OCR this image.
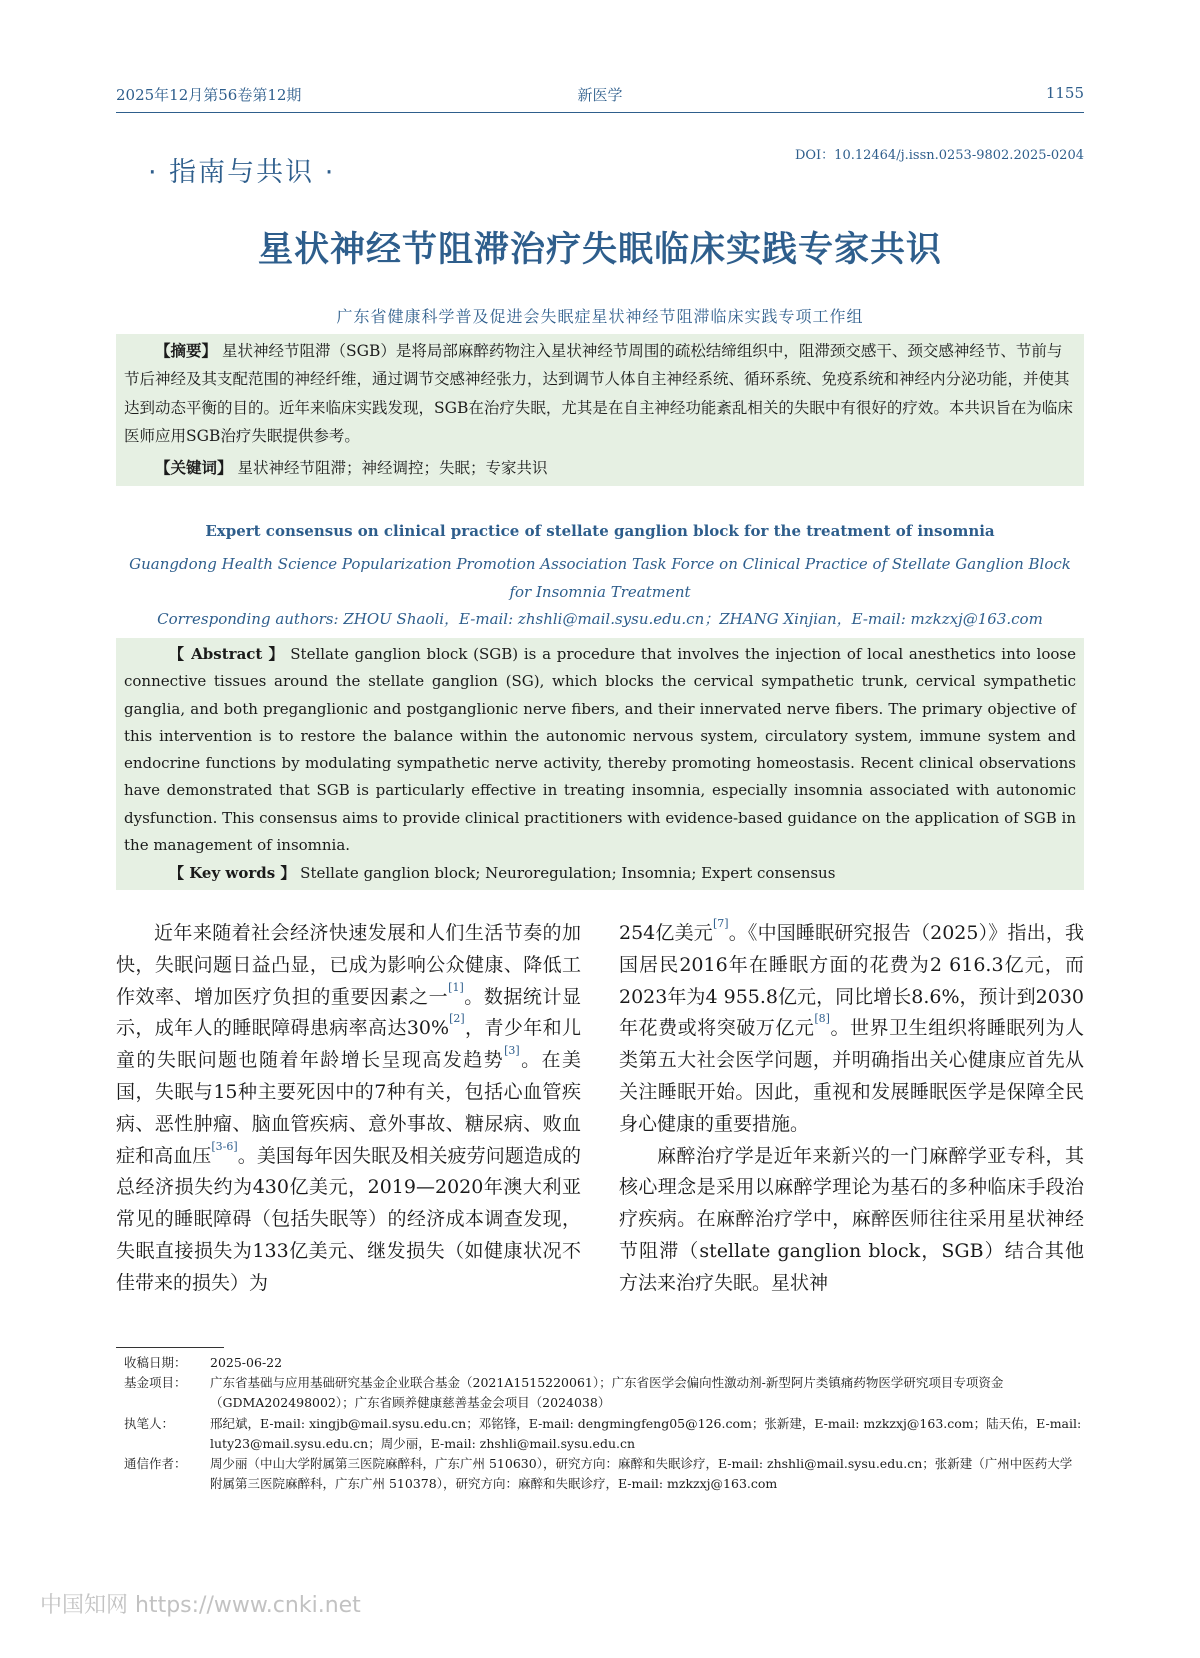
2025年12月第56卷第12期	新医学	1155
· 指南与共识 ·
DOI：10.12464/j.issn.0253-9802.2025-0204
星状神经节阻滞治疗失眠临床实践专家共识
广东省健康科学普及促进会失眠症星状神经节阻滞临床实践专项工作组

【摘要】 星状神经节阻滞（SGB）是将局部麻醉药物注入星状神经节周围的疏松结缔组织中，阻滞颈交感干、颈交感神经节、节前与节后神经及其支配范围的神经纤维，通过调节交感神经张力，达到调节人体自主神经系统、循环系统、免疫系统和神经内分泌功能，并使其达到动态平衡的目的。近年来临床实践发现，SGB在治疗失眠，尤其是在自主神经功能紊乱相关的失眠中有很好的疗效。本共识旨在为临床医师应用SGB治疗失眠提供参考。

【关键词】 星状神经节阻滞；神经调控；失眠；专家共识

Expert consensus on clinical practice of stellate ganglion block for the treatment of insomnia
Guangdong Health Science Popularization Promotion Association Task Force on Clinical Practice of Stellate Ganglion Block for Insomnia Treatment
Corresponding authors: ZHOU Shaoli，E-mail: zhshli@mail.sysu.edu.cn；ZHANG Xinjian，E-mail: mzkzxj@163.com

【 Abstract 】 Stellate ganglion block (SGB) is a procedure that involves the injection of local anesthetics into loose connective tissues around the stellate ganglion (SG), which blocks the cervical sympathetic trunk, cervical sympathetic ganglia, and both preganglionic and postganglionic nerve fibers, and their innervated nerve fibers. The primary objective of this intervention is to restore the balance within the autonomic nervous system, circulatory system, immune system and endocrine functions by modulating sympathetic nerve activity, thereby promoting homeostasis. Recent clinical observations have demonstrated that SGB is particularly effective in treating insomnia, especially insomnia associated with autonomic dysfunction. This consensus aims to provide clinical practitioners with evidence-based guidance on the application of SGB in the management of insomnia.

【 Key words 】 Stellate ganglion block; Neuroregulation; Insomnia; Expert consensus

近年来随着社会经济快速发展和人们生活节奏的加快，失眠问题日益凸显，已成为影响公众健康、降低工作效率、增加医疗负担的重要因素之一[1]。数据统计显示，成年人的睡眠障碍患病率高达30%[2]，青少年和儿童的失眠问题也随着年龄增长呈现高发趋势[3]。在美国，失眠与15种主要死因中的7种有关，包括心血管疾病、恶性肿瘤、脑血管疾病、意外事故、糖尿病、败血症和高血压[3-6]。美国每年因失眠及相关疲劳问题造成的总经济损失约为430亿美元，2019—2020年澳大利亚常见的睡眠障碍（包括失眠等）的经济成本调查发现，失眠直接损失为133亿美元、继发损失（如健康状况不佳带来的损失）为

254亿美元[7]。《中国睡眠研究报告（2025）》指出，我国居民2016年在睡眠方面的花费为2 616.3亿元，而2023年为4 955.8亿元，同比增长8.6%，预计到2030年花费或将突破万亿元[8]。世界卫生组织将睡眠列为人类第五大社会医学问题，并明确指出关心健康应首先从关注睡眠开始。因此，重视和发展睡眠医学是保障全民身心健康的重要措施。

麻醉治疗学是近年来新兴的一门麻醉学亚专科，其核心理念是采用以麻醉学理论为基石的多种临床手段治疗疾病。在麻醉治疗学中，麻醉医师往往采用星状神经节阻滞（stellate ganglion block，SGB）结合其他方法来治疗失眠。星状神

收稿日期：	2025-06-22
基金项目：	广东省基础与应用基础研究基金企业联合基金（2021A1515220061）；广东省医学会偏向性激动剂-新型阿片类镇痛药物医学研究项目专项资金（GDMA202498002）；广东省顾养健康慈善基金会项目（2024038）
执笔人：	邢纪斌，E-mail: xingjb@mail.sysu.edu.cn；邓铭锋，E-mail: dengmingfeng05@126.com；张新建，E-mail: mzkzxj@163.com；陆天佑，E-mail: luty23@mail.sysu.edu.cn；周少丽，E-mail: zhshli@mail.sysu.edu.cn
通信作者：	周少丽（中山大学附属第三医院麻醉科，广东广州 510630），研究方向：麻醉和失眠诊疗，E-mail: zhshli@mail.sysu.edu.cn；张新建（广州中医药大学附属第三医院麻醉科，广东广州 510378），研究方向：麻醉和失眠诊疗，E-mail: mzkzxj@163.com
中国知网 https://www.cnki.net
